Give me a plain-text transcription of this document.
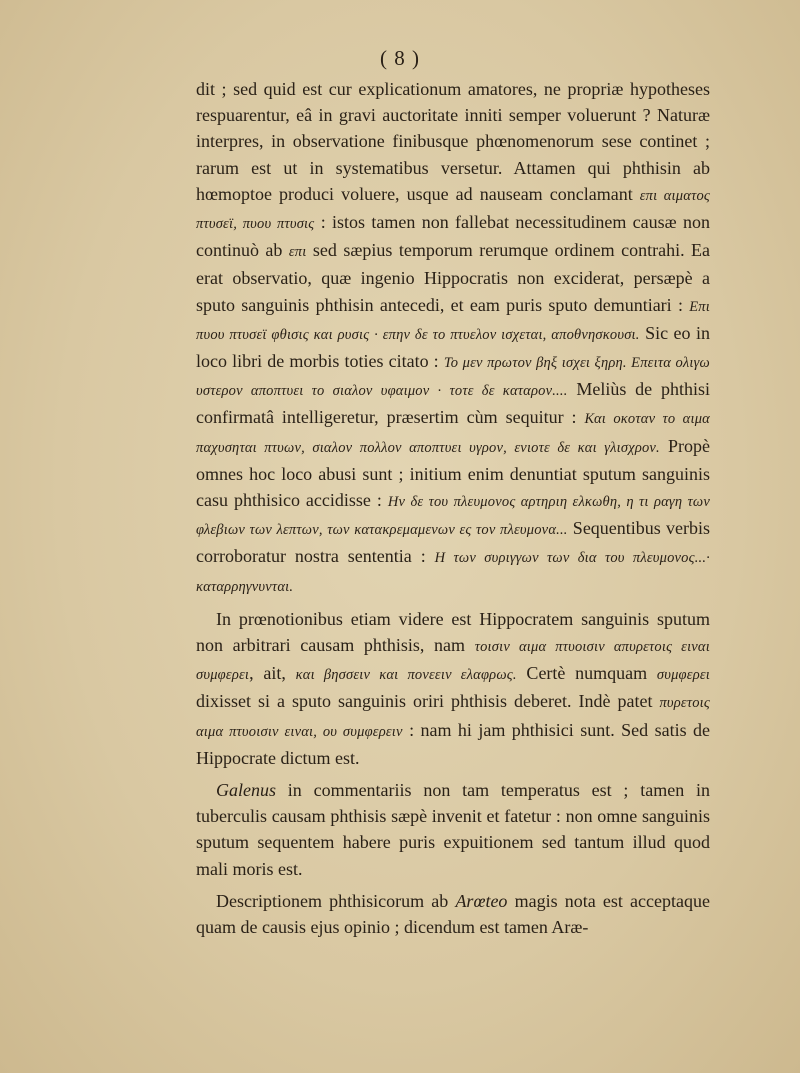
( 8 )

dit ; sed quid est cur explicationum amatores, ne propriæ hypotheses respuarentur, eâ in gravi auctoritate inniti semper voluerunt ? Naturæ interpres, in observatione finibusque phœnomenorum sese continet ; rarum est ut in systematibus versetur. Attamen qui phthisin ab hœmoptoe produci voluere, usque ad nauseam conclamant επι αιματος πτυσεϊ, πυου πτυσις : istos tamen non fallebat necessitudinem causæ non continuò ab επι sed sæpius temporum rerumque ordinem contrahi. Ea erat observatio, quæ ingenio Hippocratis non exciderat, persæpè a sputo sanguinis phthisin antecedi, et eam puris sputo demuntiari : Επι πυου πτυσεϊ φθισις και ρυσις · επην δε το πτυελον ισχεται, αποθνησκουσι. Sic eo in loco libri de morbis toties citato : Το μεν πρωτον βηξ ισχει ξηρη. Επειτα ολιγω υστερον αποπτυει το σιαλον υφαιμον · τοτε δε καταρον.... Meliùs de phthisi confirmatâ intelligeretur, præsertim cùm sequitur : Και οκοταν το αιμα παχυσηται πτυων, σιαλον πολλον αποπτυει υγρον, ενιοτε δε και γλισχρον. Propè omnes hoc loco abusi sunt ; initium enim denuntiat sputum sanguinis casu phthisico accidisse : Ην δε του πλευμονος αρτηριη ελκωθη, η τι ραγη των φλεβιων των λεπτων, των κατακρεμαμενων ες τον πλευμονα... Sequentibus verbis corroboratur nostra sententia : Η των συριγγων των δια του πλευμονος...· καταρρηγνυνται.

In prœnotionibus etiam videre est Hippocratem sanguinis sputum non arbitrari causam phthisis, nam τοισιν αιμα πτυοισιν απυρετοις ειναι συμφερει, ait, και βησσειν και πονεειν ελαφρως. Certè numquam συμφερει dixisset si a sputo sanguinis oriri phthisis deberet. Indè patet πυρετοις αιμα πτυοισιν ειναι, ου συμφερειν : nam hi jam phthisici sunt. Sed satis de Hippocrate dictum est.

Galenus in commentariis non tam temperatus est ; tamen in tuberculis causam phthisis sæpè invenit et fatetur : non omne sanguinis sputum sequentem habere puris expuitionem sed tantum illud quod mali moris est.

Descriptionem phthisicorum ab Arœteo magis nota est acceptaque quam de causis ejus opinio ; dicendum est tamen Aræ-
